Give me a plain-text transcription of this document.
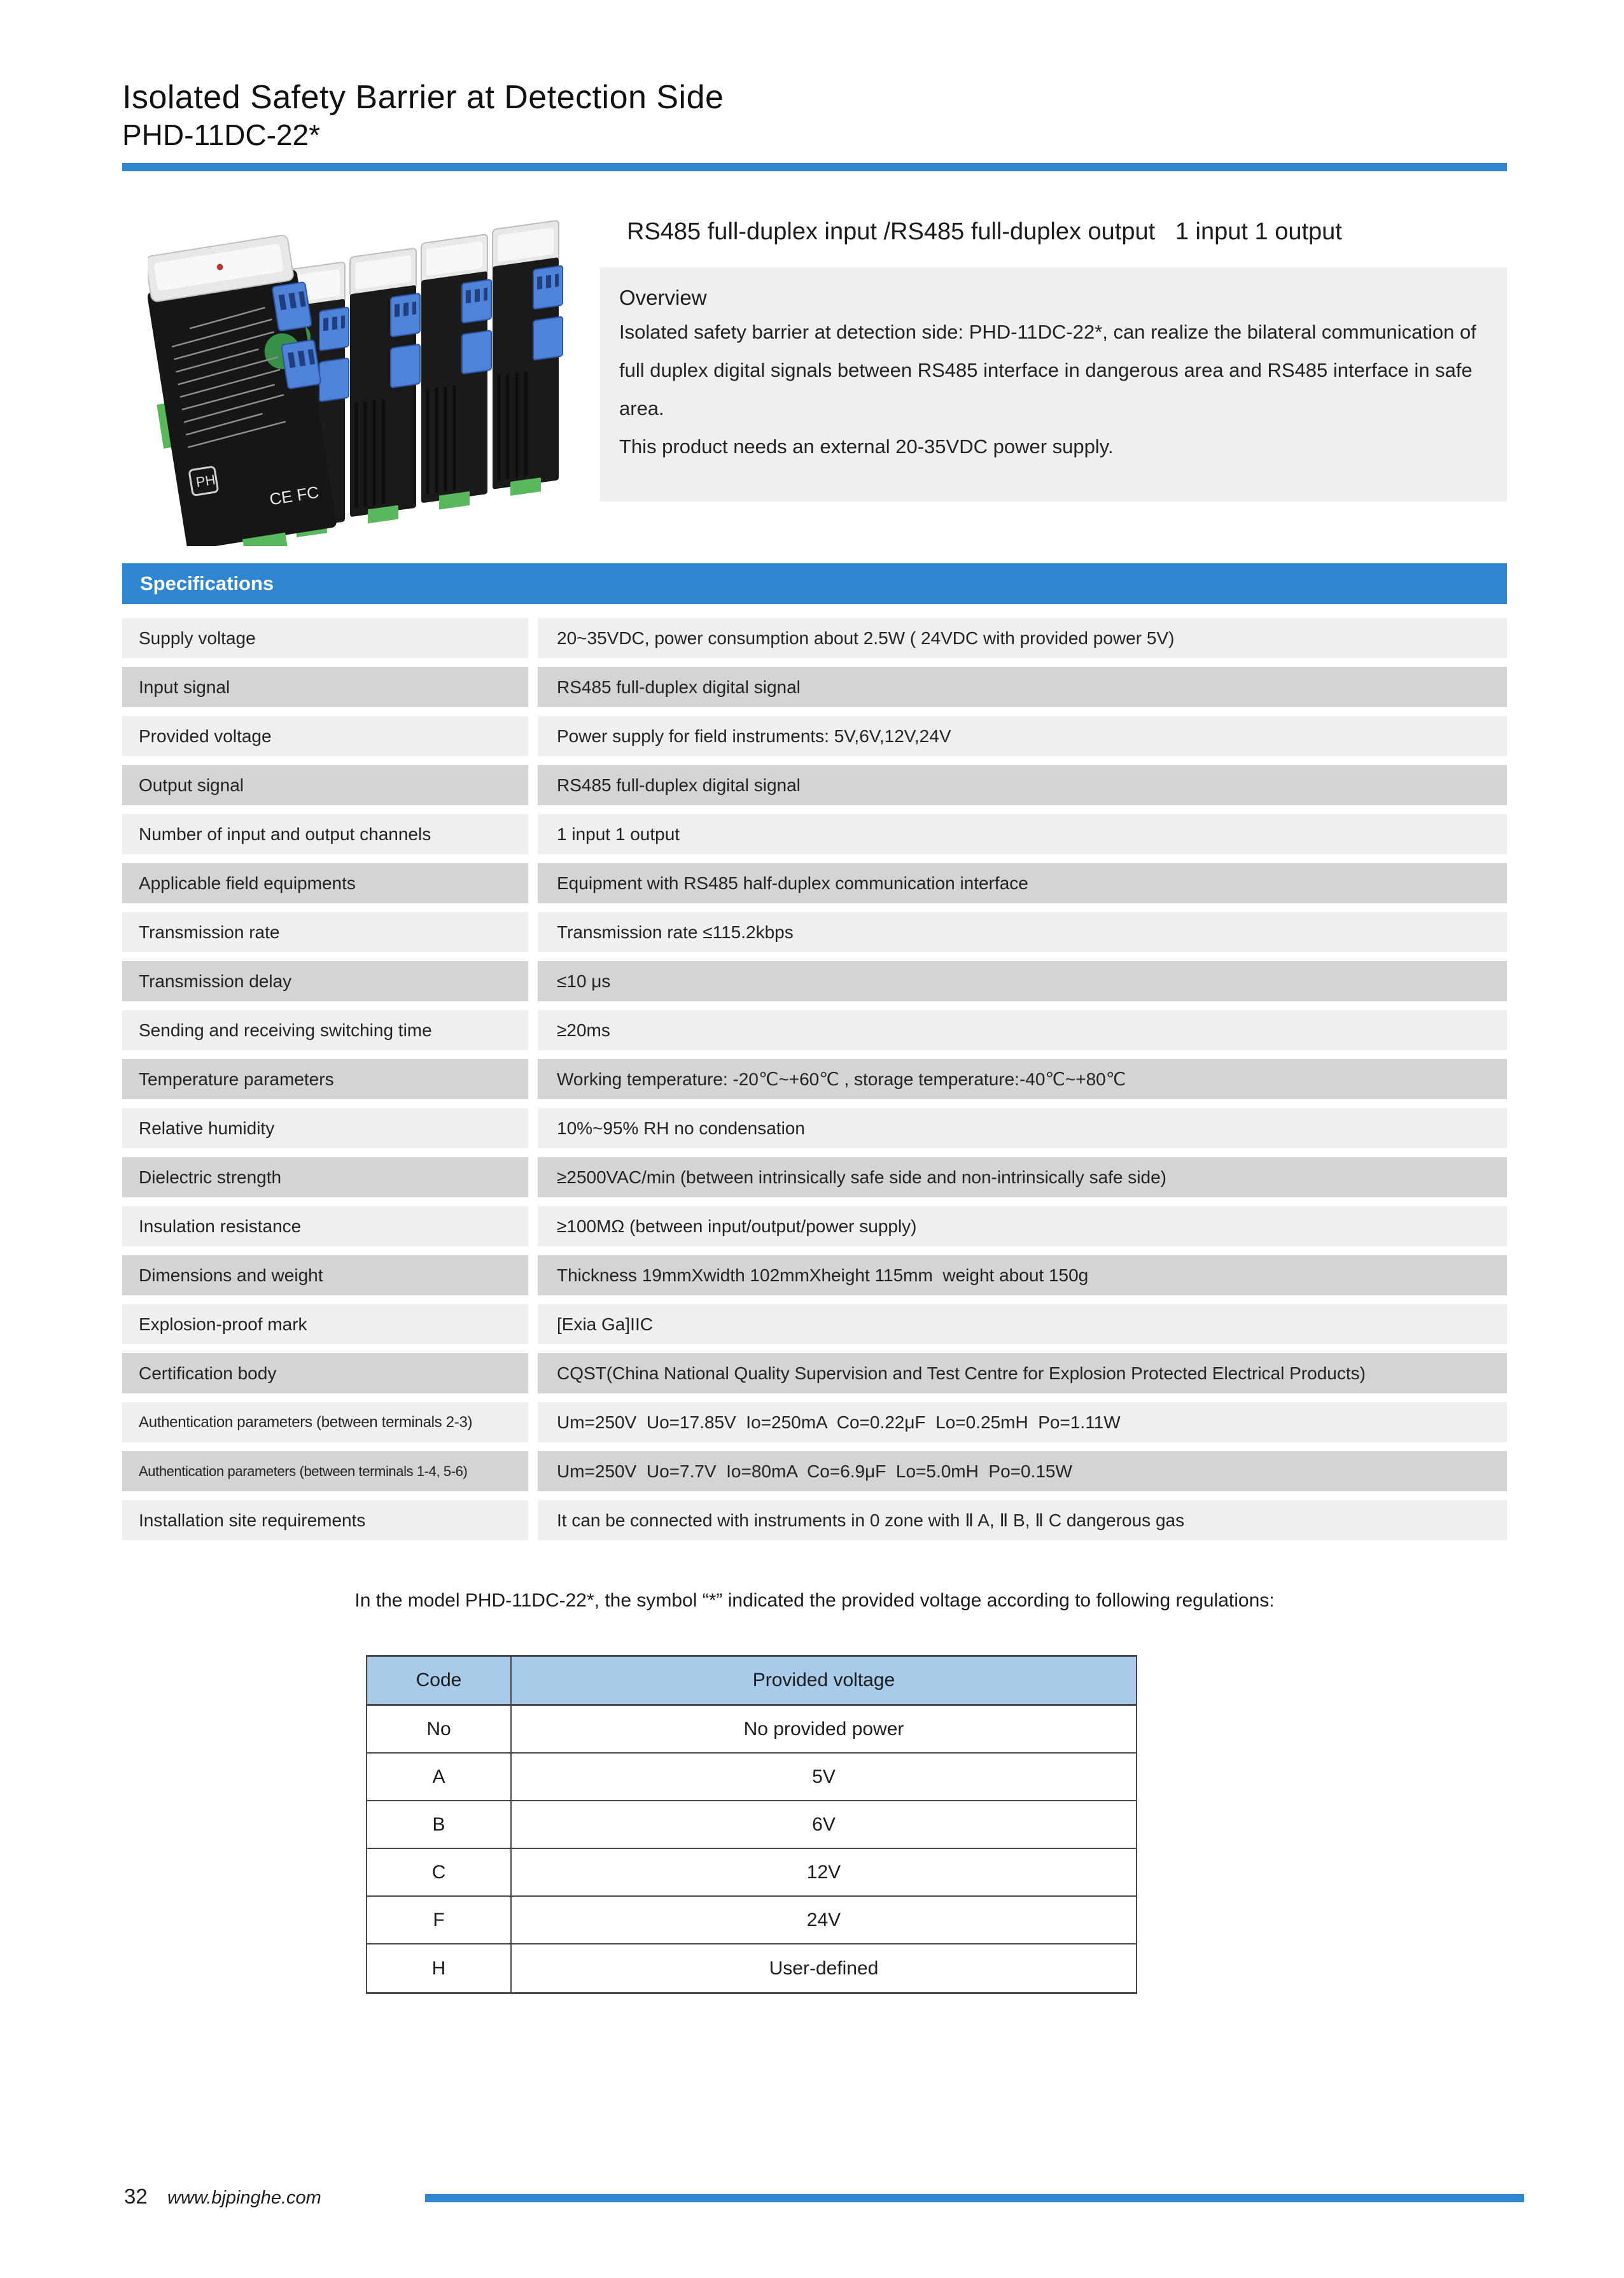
Isolated Safety Barrier at Detection Side
PHD-11DC-22*
PH
CE FC
RS485 full-duplex input /RS485 full-duplex output   1 input 1 output
Overview

Isolated safety barrier at detection side: PHD-11DC-22*, can realize the bilateral communication of full duplex digital signals between RS485 interface in dangerous area and RS485 interface in safe area.

This product needs an external 20-35VDC power supply.

Specifications
Supply voltage	20~35VDC, power consumption about 2.5W ( 24VDC with provided power 5V)
Input signal	RS485 full-duplex digital signal
Provided voltage	Power supply for field instruments: 5V,6V,12V,24V
Output signal	RS485 full-duplex digital signal
Number of input and output channels	1 input 1 output
Applicable field equipments	Equipment with RS485 half-duplex communication interface
Transmission rate	Transmission rate ≤115.2kbps
Transmission delay	≤10 μs
Sending and receiving switching time	≥20ms
Temperature parameters	Working temperature: -20℃~+60℃ , storage temperature:-40℃~+80℃
Relative humidity	10%~95% RH no condensation
Dielectric strength	≥2500VAC/min (between intrinsically safe side and non-intrinsically safe side)
Insulation resistance	≥100MΩ (between input/output/power supply)
Dimensions and weight	Thickness 19mmXwidth 102mmXheight 115mm  weight about 150g
Explosion-proof mark	[Exia Ga]IIC
Certification body	CQST(China National Quality Supervision and Test Centre for Explosion Protected Electrical Products)
Authentication parameters (between terminals 2-3)	Um=250V  Uo=17.85V  Io=250mA  Co=0.22μF  Lo=0.25mH  Po=1.11W
Authentication parameters (between terminals 1-4, 5-6)	Um=250V  Uo=7.7V  Io=80mA  Co=6.9μF  Lo=5.0mH  Po=0.15W
Installation site requirements	It can be connected with instruments in 0 zone with Ⅱ A, Ⅱ B, Ⅱ C dangerous gas

In the model PHD-11DC-22*, the symbol “*” indicated the provided voltage according to following regulations:

Code	Provided voltage
No	No provided power
A	5V
B	6V
C	12V
F	24V
H	User-defined
32 www.bjpinghe.com
